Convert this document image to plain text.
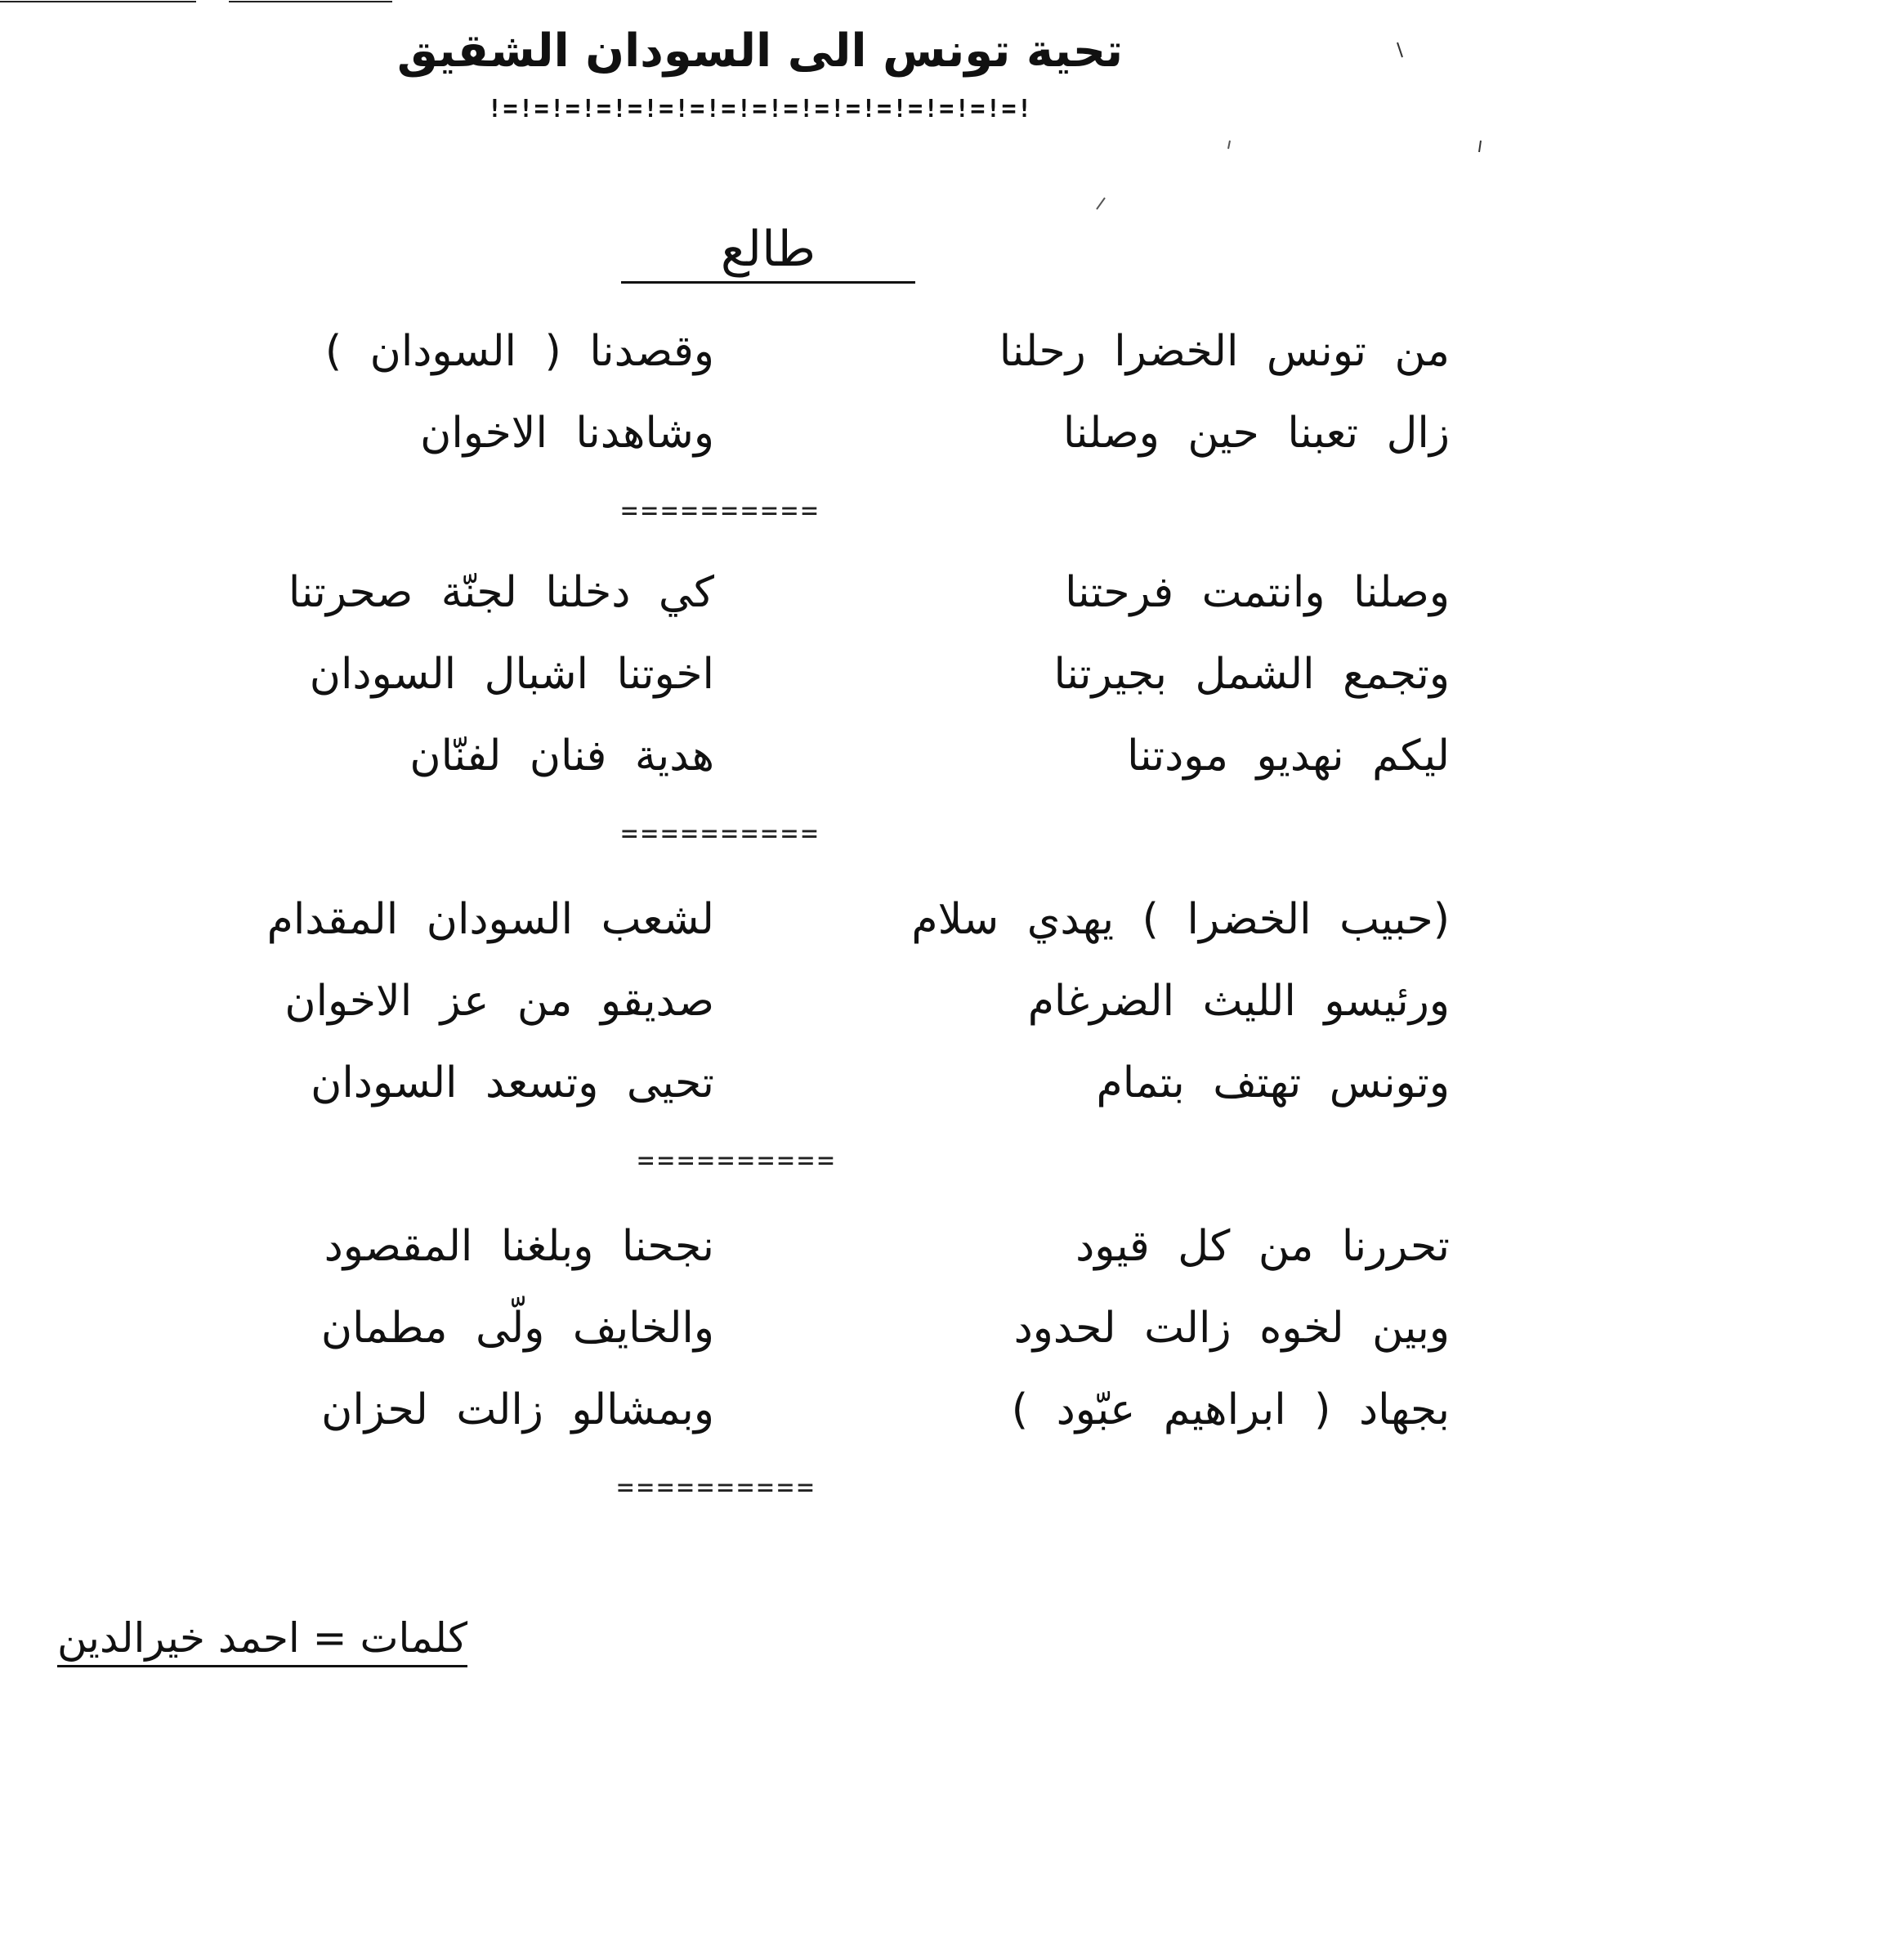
تحية تونس الى السودان الشقيق
!=!=!=!=!=!=!=!=!=!=!=!=!=!=!=!=!=!
طالع
من تونس الخضرا رحلنا
وقصدنا ( السودان )
زال تعبنا حين وصلنا
وشاهدنا الاخوان
==========
وصلنا وانتمت فرحتنا
كي دخلنا لجنّة صحرتنا
وتجمع الشمل بجيرتنا
اخوتنا اشبال السودان
ليكم نهديو مودتنا
هدية فنان لفنّان
==========
(حبيب الخضرا ) يهدي سلام
لشعب السودان المقدام
ورئيسو الليث الضرغام
صديقو من عز الاخوان
وتونس تهتف بتمام
تحيى وتسعد السودان
==========
تحررنا من كل قيود
نجحنا وبلغنا المقصود
وبين لخوه زالت لحدود
والخايف ولّى مطمان
بجهاد ( ابراهيم عبّود )
وبمشالو زالت لحزان
==========
كلمات = احمد خيرالدين
